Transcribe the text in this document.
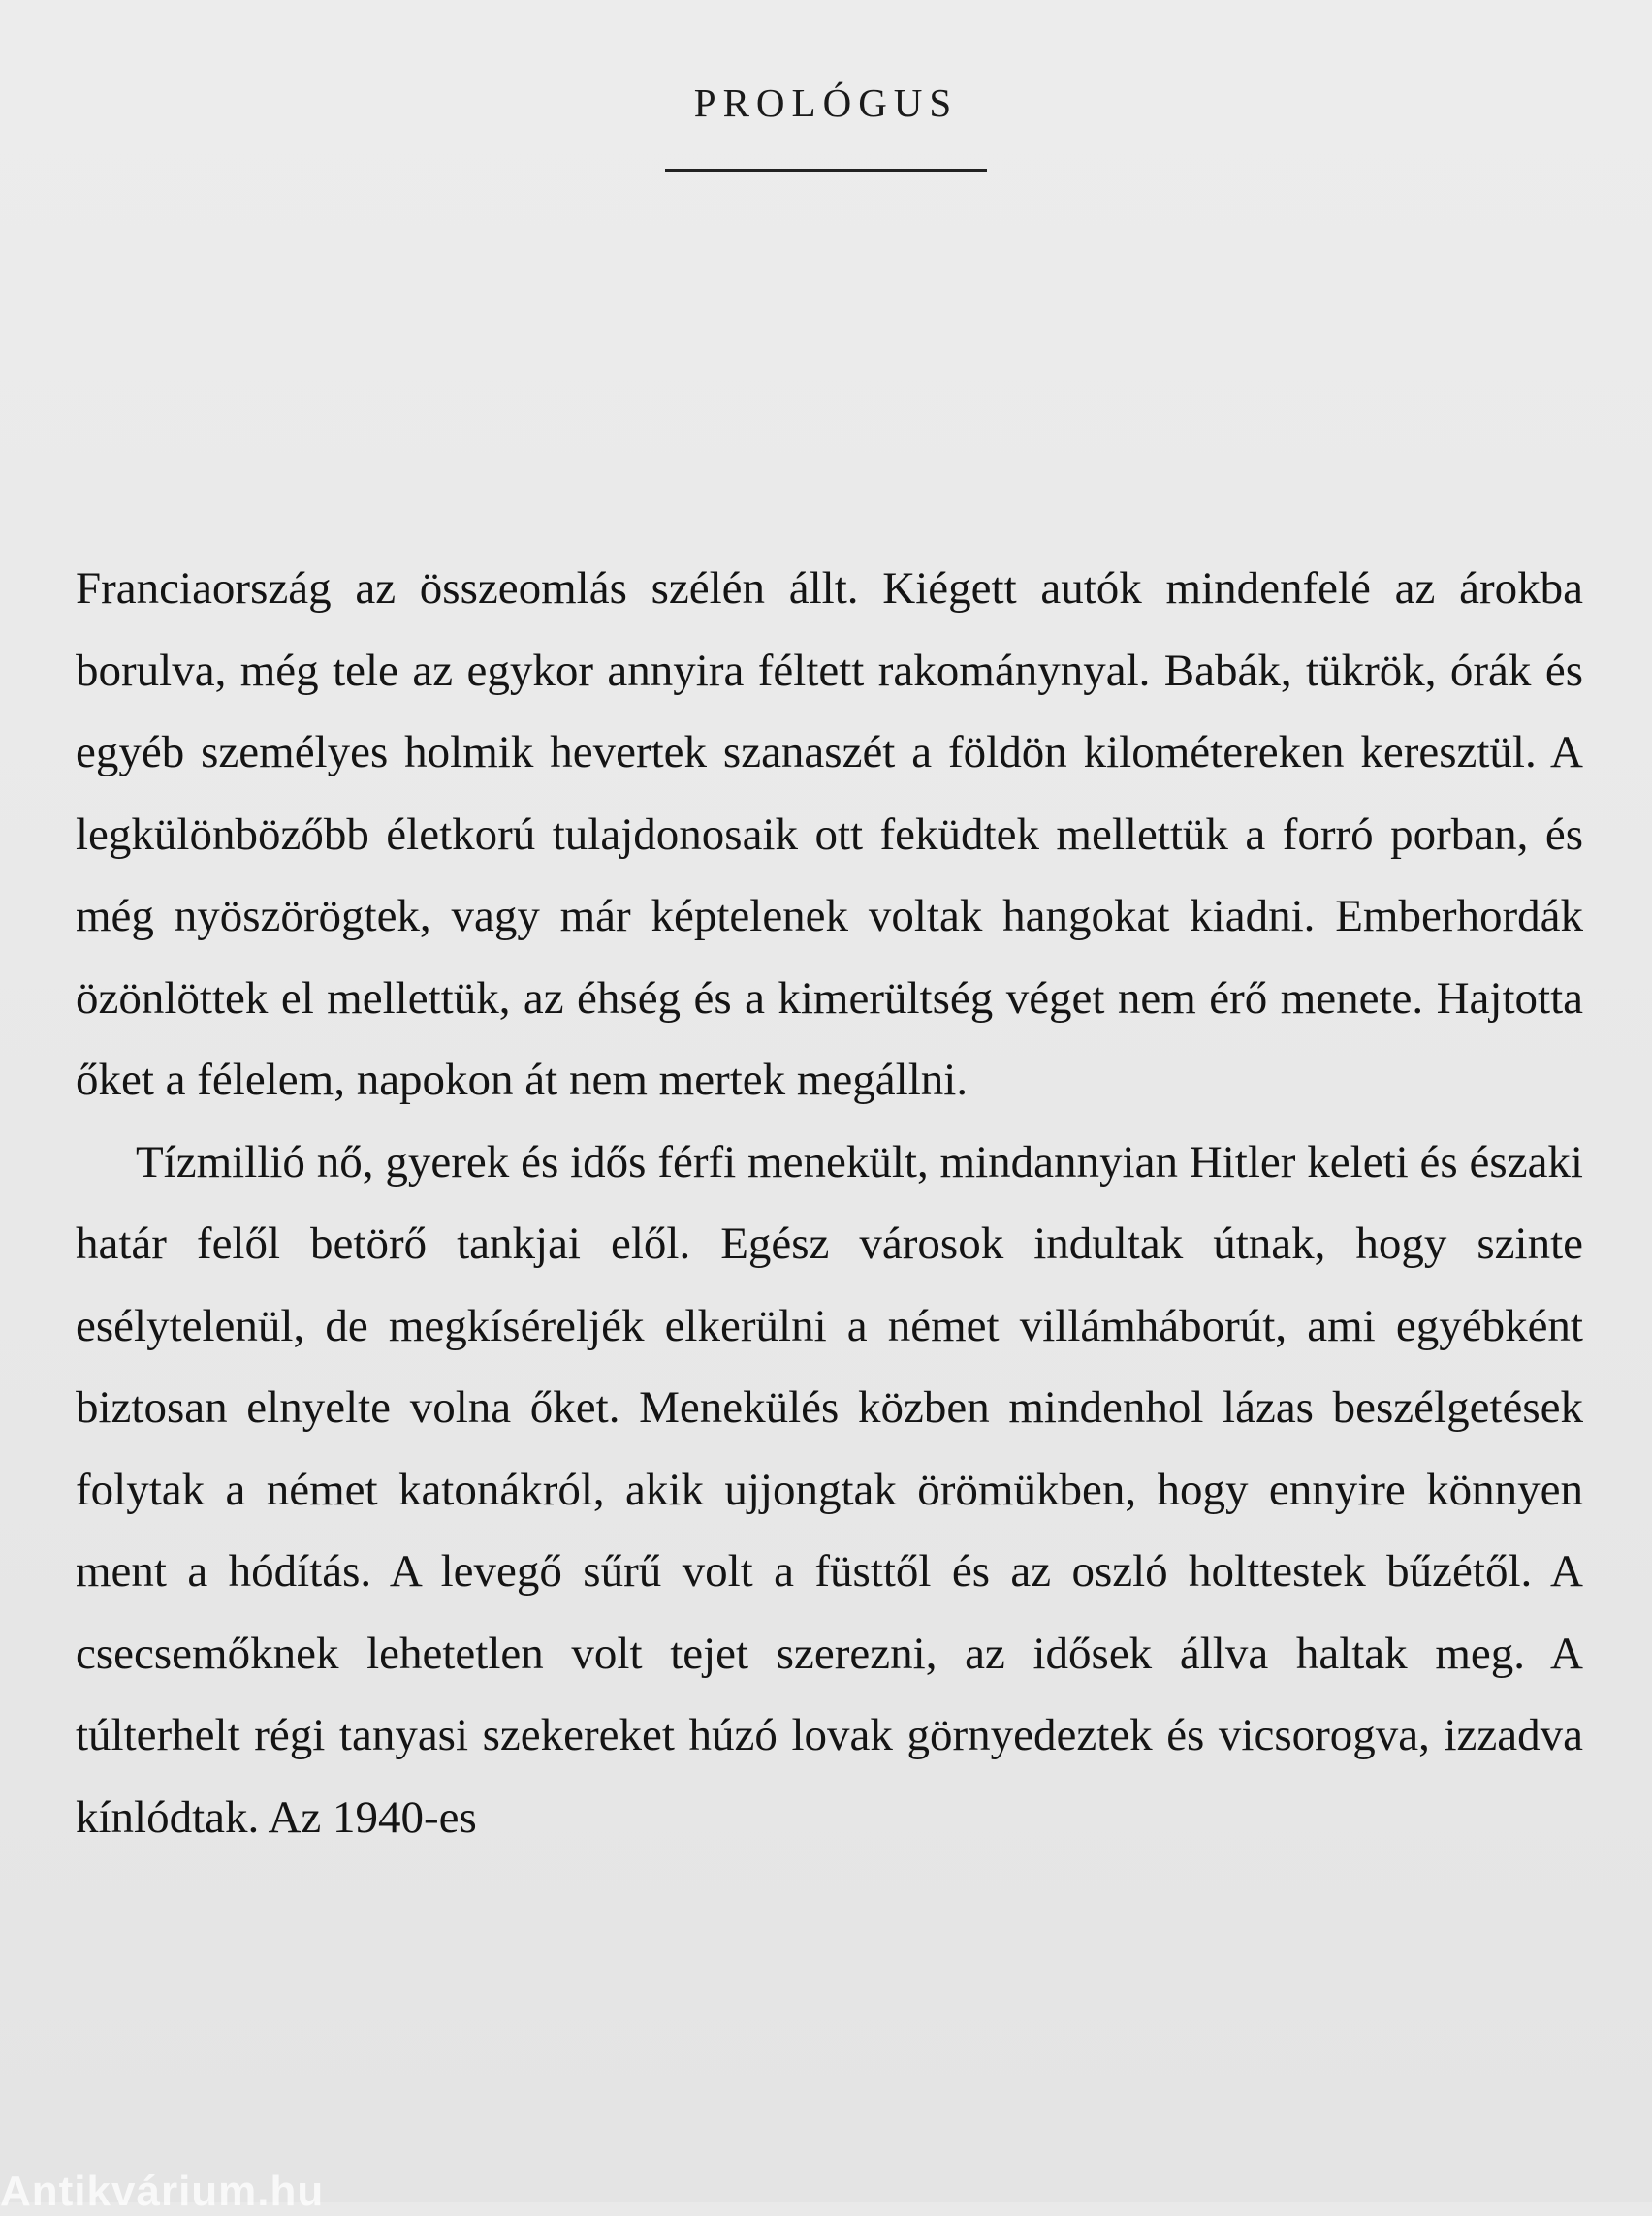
PROLÓGUS

Franciaország az összeomlás szélén állt. Kiégett autók mindenfelé az árokba borulva, még tele az egykor annyira féltett rakománynyal. Babák, tükrök, órák és egyéb személyes holmik hevertek szanaszét a földön kilométereken keresztül. A legkülönbözőbb életkorú tulajdonosaik ott feküdtek mellettük a forró porban, és még nyöszörögtek, vagy már képtelenek voltak hangokat kiadni. Emberhordák özönlöttek el mellettük, az éhség és a kimerültség véget nem érő menete. Hajtotta őket a félelem, napokon át nem mertek megállni.

Tízmillió nő, gyerek és idős férfi menekült, mindannyian Hitler keleti és északi határ felől betörő tankjai elől. Egész városok indultak útnak, hogy szinte esélytelenül, de megkíséreljék elkerülni a német villámháborút, ami egyébként biztosan elnyelte volna őket. Menekülés közben mindenhol lázas beszélgetések folytak a német katonákról, akik ujjongtak örömükben, hogy ennyire könnyen ment a hódítás. A levegő sűrű volt a füsttől és az oszló holttestek bűzétől. A csecsemőknek lehetetlen volt tejet szerezni, az idősek állva haltak meg. A túlterhelt régi tanyasi szekereket húzó lovak görnyedeztek és vicsorogva, izzadva kínlódtak. Az 1940-es

Antikvárium.hu
